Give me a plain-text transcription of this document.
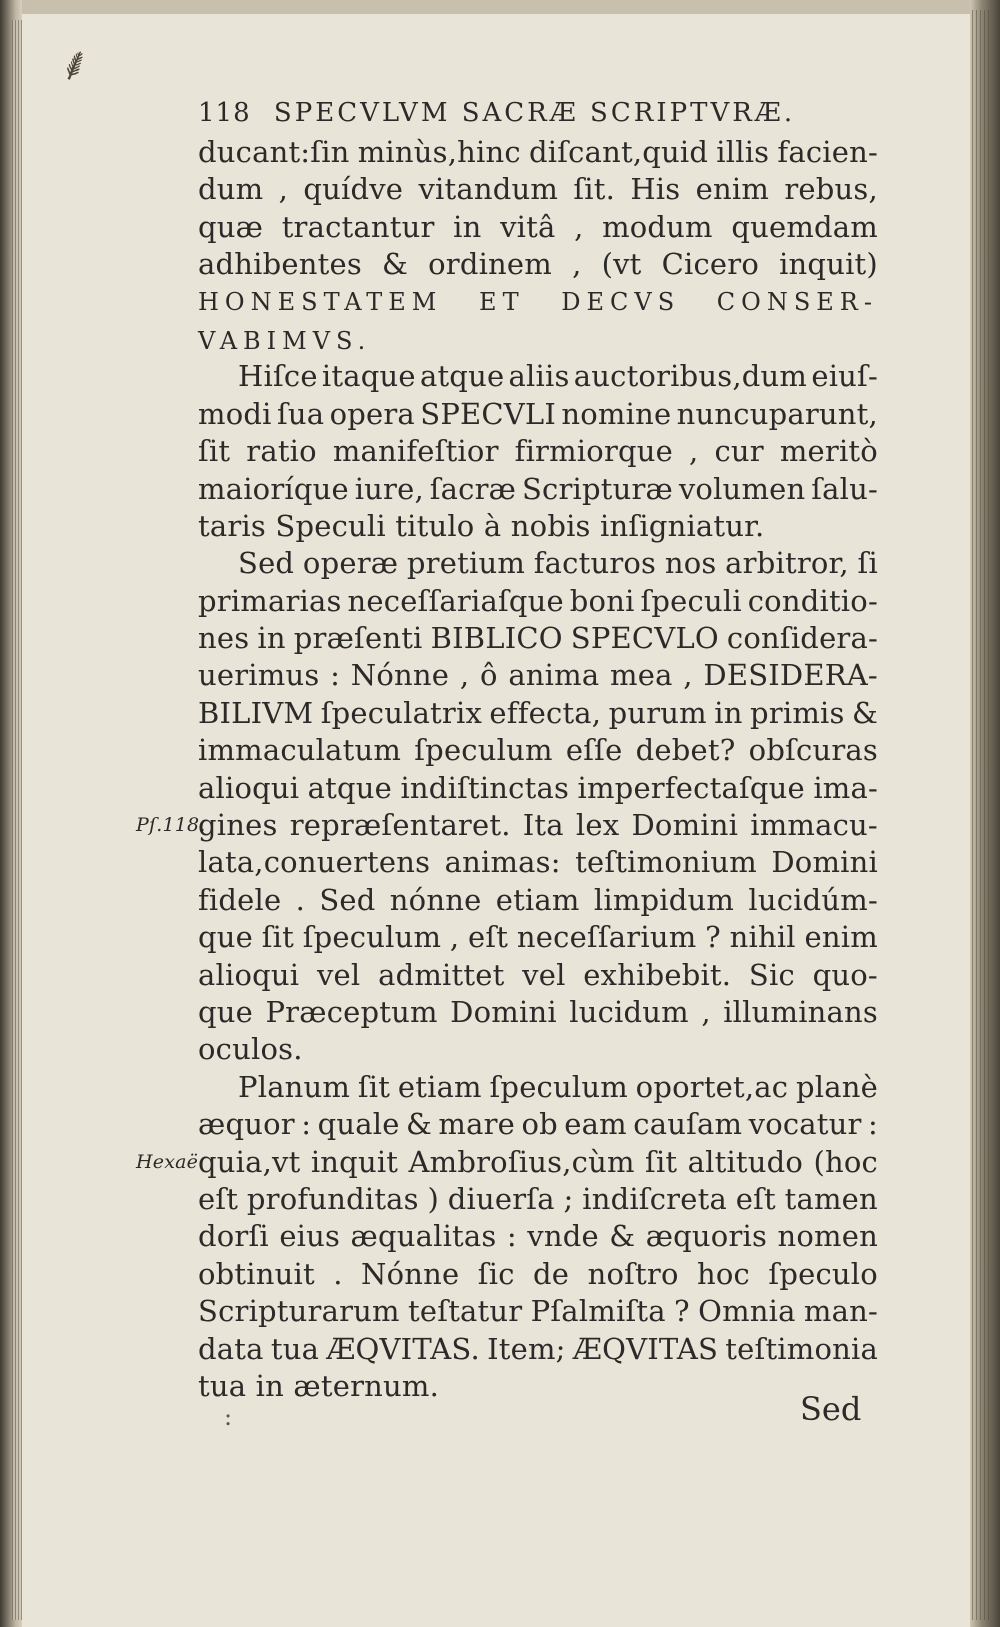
⸙
118 SPECVLVM SACRÆ SCRIPTVRÆ.
ducant:ſin minùs,hinc diſcant,quid illis facien-
dum , quídve vitandum ſit. His enim rebus,
quæ tractantur in vitâ , modum quemdam
adhibentes & ordinem , (vt Cicero inquit)
HONESTATEM ET DECVS CONSER-
VABIMVS.
Hiſce itaque atque aliis auctoribus,dum eiuſ-
modi ſua opera SPECVLI nomine nuncuparunt,
ſit ratio manifeſtior firmiorque , cur meritò
maioríque iure, ſacræ Scripturæ volumen ſalu-
taris Speculi titulo à nobis inſigniatur.
Sed operæ pretium facturos nos arbitror, ſi
primarias neceſſariaſque boni ſpeculi conditio-
nes in præſenti BIBLICO SPECVLO conſidera-
uerimus : Nónne , ô anima mea , DESIDERA-
BILIVM ſpeculatrix effecta, purum in primis &
immaculatum ſpeculum eſſe debet? obſcuras
alioqui atque indiſtinctas imperfectaſque ima-
Pſ.118.
gines repræſentaret. Ita lex Domini immacu-
lata,conuertens animas: teſtimonium Domini
fidele . Sed nónne etiam limpidum lucidúm-
que ſit ſpeculum , eſt neceſſarium ? nihil enim
alioqui vel admittet vel exhibebit. Sic quo-
que Præceptum Domini lucidum , illuminans
oculos.
Planum ſit etiam ſpeculum oportet,ac planè
æquor : quale & mare ob eam cauſam vocatur :
Hexaë.
quia,vt inquit Ambroſius,cùm ſit altitudo (hoc
eſt profunditas ) diuerſa ; indiſcreta eſt tamen
dorſi eius æqualitas : vnde & æquoris nomen
obtinuit . Nónne ſic de noſtro hoc ſpeculo
Scripturarum teſtatur Pſalmiſta ? Omnia man-
data tua ÆQVITAS. Item; ÆQVITAS teſtimonia
tua in æternum.
:	Sed
